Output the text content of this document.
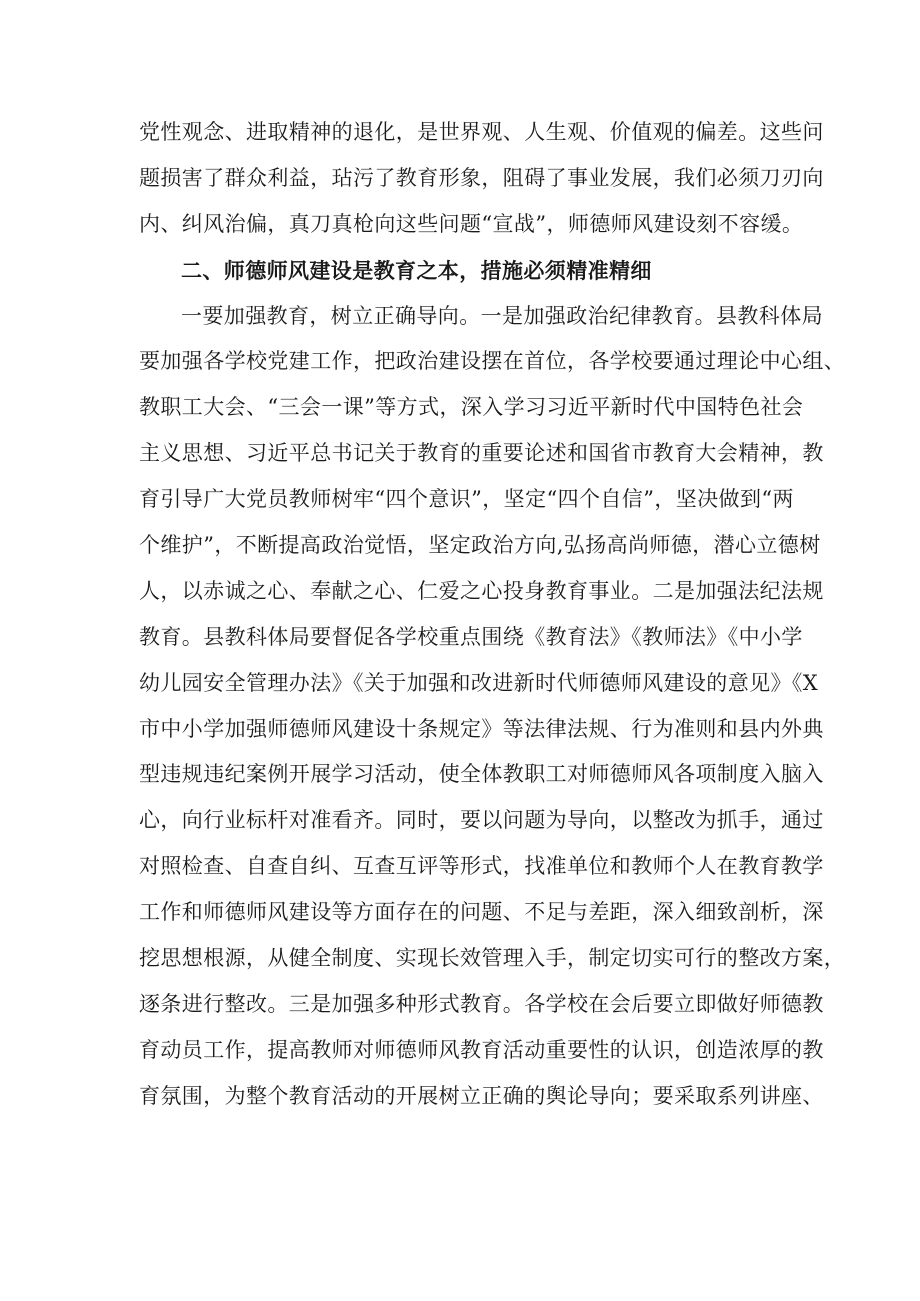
党性观念、进取精神的退化，是世界观、人生观、价值观的偏差。这些问
题损害了群众利益，玷污了教育形象，阻碍了事业发展，我们必须刀刃向
内、纠风治偏，真刀真枪向这些问题“宣战”，师德师风建设刻不容缓。
二、师德师风建设是教育之本，措施必须精准精细
一要加强教育，树立正确导向。一是加强政治纪律教育。县教科体局
要加强各学校党建工作，把政治建设摆在首位，各学校要通过理论中心组、
教职工大会、“三会一课”等方式，深入学习习近平新时代中国特色社会
主义思想、习近平总书记关于教育的重要论述和国省市教育大会精神，教
育引导广大党员教师树牢“四个意识”，坚定“四个自信”，坚决做到“两
个维护”，不断提高政治觉悟，坚定政治方向,弘扬高尚师德，潜心立德树
人，以赤诚之心、奉献之心、仁爱之心投身教育事业。二是加强法纪法规
教育。县教科体局要督促各学校重点围绕《教育法》《教师法》《中小学
幼儿园安全管理办法》《关于加强和改进新时代师德师风建设的意见》《X
市中小学加强师德师风建设十条规定》等法律法规、行为准则和县内外典
型违规违纪案例开展学习活动，使全体教职工对师德师风各项制度入脑入
心，向行业标杆对准看齐。同时，要以问题为导向，以整改为抓手，通过
对照检查、自查自纠、互查互评等形式，找准单位和教师个人在教育教学
工作和师德师风建设等方面存在的问题、不足与差距，深入细致剖析，深
挖思想根源，从健全制度、实现长效管理入手，制定切实可行的整改方案，
逐条进行整改。三是加强多种形式教育。各学校在会后要立即做好师德教
育动员工作，提高教师对师德师风教育活动重要性的认识，创造浓厚的教
育氛围，为整个教育活动的开展树立正确的舆论导向；要采取系列讲座、
